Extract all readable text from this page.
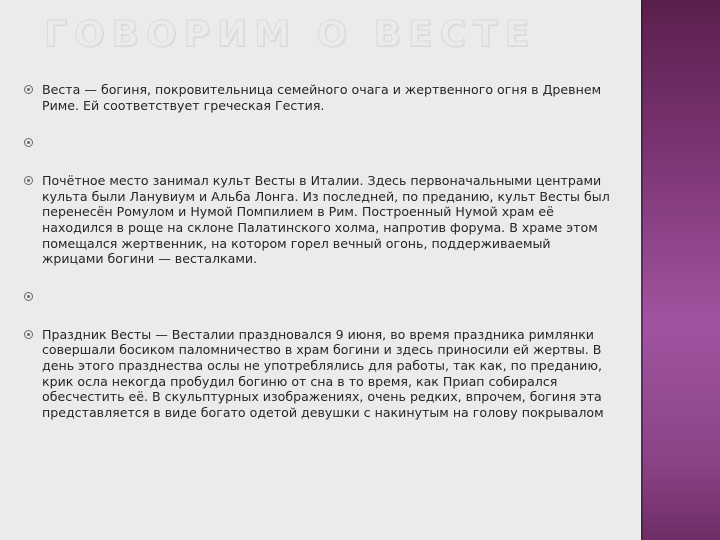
ГОВОРИМ О ВЕСТЕ
Веста — богиня, покровительница семейного очага и жертвенного огня в Древнем Риме. Ей соответствует греческая Гестия.
Почётное место занимал культ Весты в Италии. Здесь первоначальными центрами культа были Ланувиум и Альба Лонга. Из последней, по преданию, культ Весты был перенесён Ромулом и Нумой Помпилием в Рим. Построенный Нумой храм её находился в роще на склоне Палатинского холма, напротив форума. В храме этом помещался жертвенник, на котором горел вечный огонь, поддерживаемый жрицами богини — весталками.
Праздник Весты — Весталии праздновался 9 июня, во время праздника римлянки совершали босиком паломничество в храм богини и здесь приносили ей жертвы. В день этого празднества ослы не употреблялись для работы, так как, по преданию, крик осла некогда пробудил богиню от сна в то время, как Приап собирался обесчестить её. В скульптурных изображениях, очень редких, впрочем, богиня эта представляется в виде богато одетой девушки с накинутым на голову покрывалом
